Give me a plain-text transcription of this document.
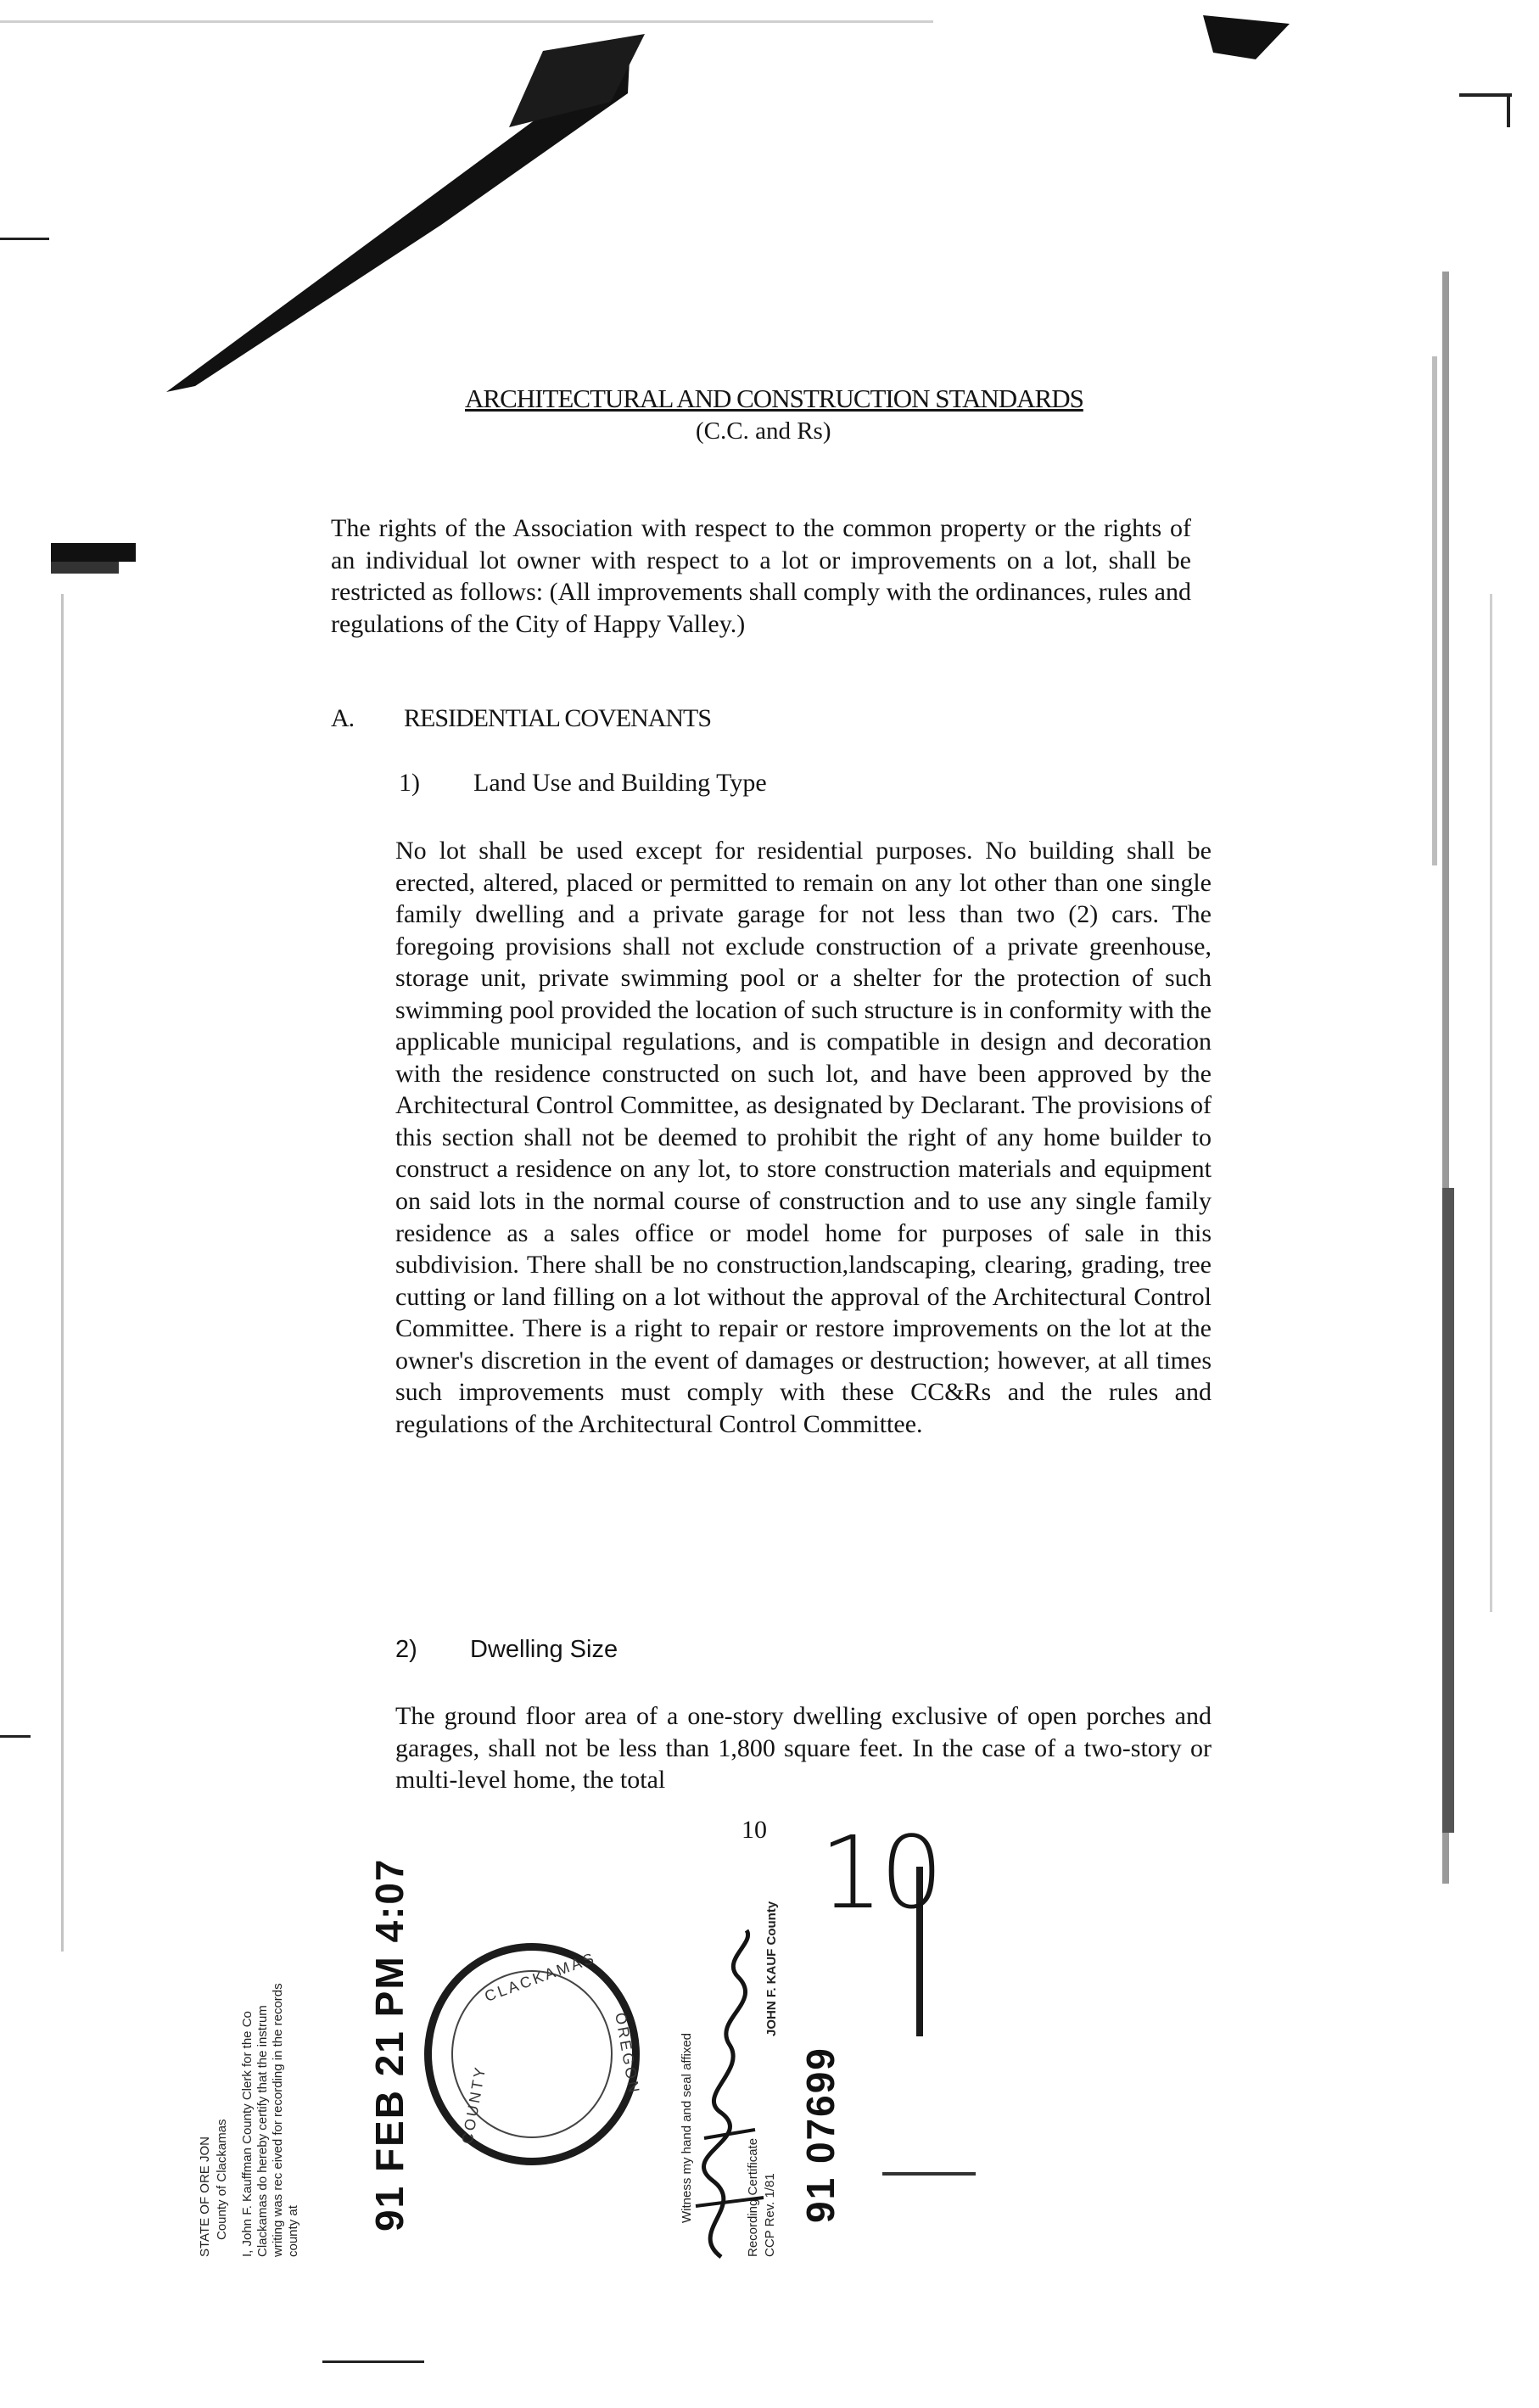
ARCHITECTURAL AND CONSTRUCTION STANDARDS
(C.C. and Rs)
The rights of the Association with respect to the common property or the rights of an individual lot owner with respect to a lot or improvements on a lot, shall be restricted as follows: (All improvements shall comply with the ordinances, rules and regulations of the City of Happy Valley.)
A. RESIDENTIAL COVENANTS
1) Land Use and Building Type
No lot shall be used except for residential purposes. No building shall be erected, altered, placed or permitted to remain on any lot other than one single family dwelling and a private garage for not less than two (2) cars. The foregoing provisions shall not exclude construction of a private greenhouse, storage unit, private swimming pool or a shelter for the protection of such swimming pool provided the location of such structure is in conformity with the applicable municipal regulations, and is compatible in design and decoration with the residence constructed on such lot, and have been approved by the Architectural Control Committee, as designated by Declarant. The provisions of this section shall not be deemed to prohibit the right of any home builder to construct a residence on any lot, to store construction materials and equipment on said lots in the normal course of construction and to use any single family residence as a sales office or model home for purposes of sale in this subdivision. There shall be no construction,landscaping, clearing, grading, tree cutting or land filling on a lot without the approval of the Architectural Control Committee. There is a right to repair or restore improvements on the lot at the owner's discretion in the event of damages or destruction; however, at all times such improvements must comply with these CC&Rs and the rules and regulations of the Architectural Control Committee.
2) Dwelling Size
The ground floor area of a one-story dwelling exclusive of open porches and garages, shall not be less than 1,800 square feet. In the case of a two-story or multi-level home, the total
10 10
STATE OF ORE JON County of Clackamas I, John F. Kauffman County Clerk for the Co Clackamas do hereby certify that the instrum writing was rec eived for recording in the records county at 91 FEB 21 PM 4:07	CLACKAMAS
OREGON
COUNTY	Witness my hand and seal affixed
JOHN F. KAUF County
Recording Certificate CCP Rev. 1/81 91 07699
